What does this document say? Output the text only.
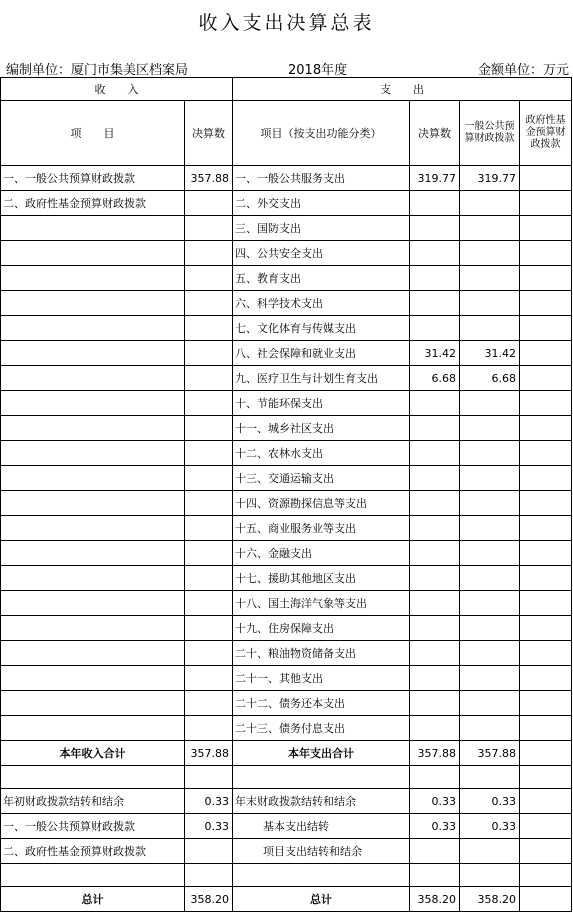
收入支出决算总表
编制单位：厦门市集美区档案局	2018年度	金额单位：万元
收　　入		支　　出			
项　　目	决算数	项目（按支出功能分类）	决算数	一般公共预算财政拨款	政府性基金预算财政拨款
一、一般公共预算财政拨款	357.88	一、一般公共服务支出	319.77	319.77	
二、政府性基金预算财政拨款		二、外交支出			
		三、国防支出			
		四、公共安全支出			
		五、教育支出			
		六、科学技术支出			
		七、文化体育与传媒支出			
		八、社会保障和就业支出	31.42	31.42	
		九、医疗卫生与计划生育支出	6.68	6.68	
		十、节能环保支出			
		十一、城乡社区支出			
		十二、农林水支出			
		十三、交通运输支出			
		十四、资源勘探信息等支出			
		十五、商业服务业等支出			
		十六、金融支出			
		十七、援助其他地区支出			
		十八、国土海洋气象等支出			
		十九、住房保障支出			
		二十、粮油物资储备支出			
		二十一、其他支出			
		二十二、债务还本支出			
		二十三、债务付息支出			
本年收入合计	357.88	本年支出合计	357.88	357.88	

年初财政拨款结转和结余	0.33	年末财政拨款结转和结余	0.33	0.33	
一、一般公共预算财政拨款	0.33	基本支出结转	0.33	0.33	
二、政府性基金预算财政拨款		项目支出结转和结余			

总计	358.20	总计	358.20	358.20	
